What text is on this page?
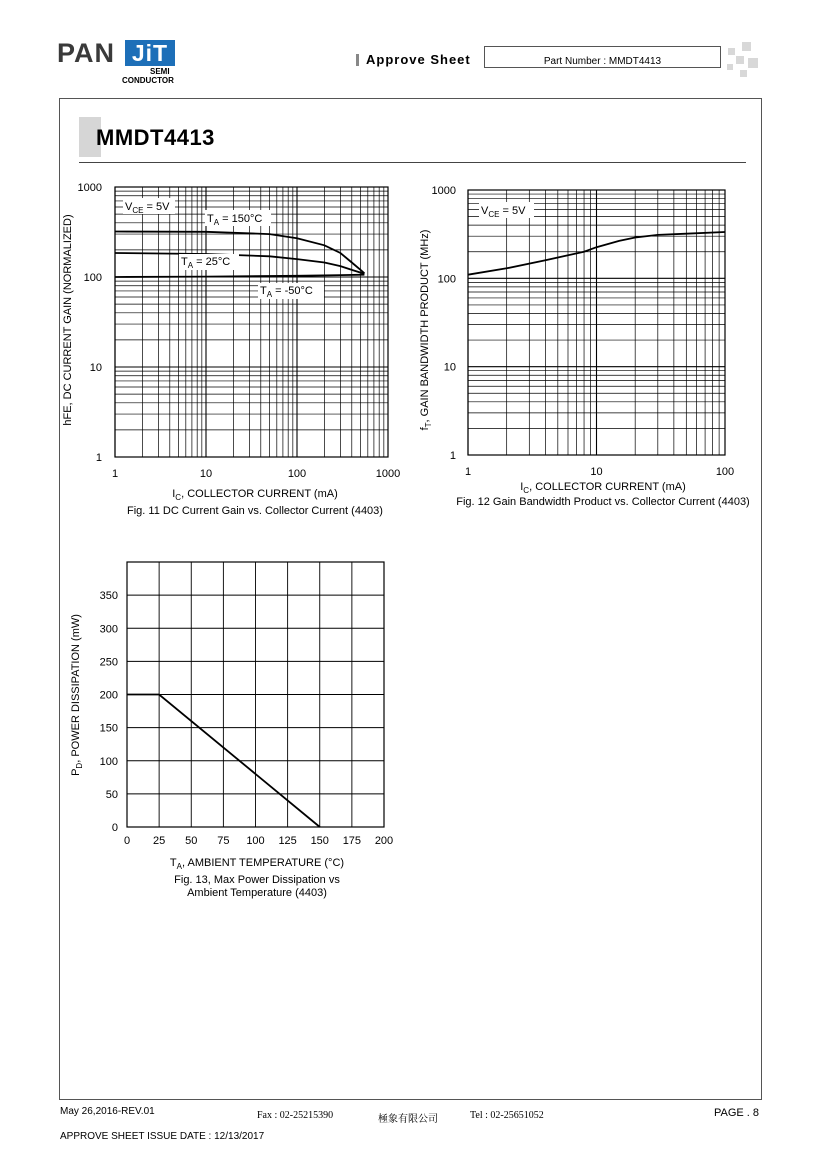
PAN JiT
SEMI
CONDUCTOR
Approve Sheet	Part Number : MMDT4413
MMDT4413
1	10	100	1000
1
10
100
1000
$V_{CE} = 5V$
$T_A = 150^\circ C$
$T_A = 25^\circ C$
$T_A = -50^\circ C$
hFE, DC CURRENT GAIN (NORMALIZED)
$I_C$, COLLECTOR CURRENT (mA)
Fig. 11 DC Current Gain vs. Collector Current (4403)
1	10	100
1
10
100
1000
$V_{CE} = 5V$
$f_T$, GAIN BANDWIDTH PRODUCT (MHz)
$I_C$, COLLECTOR CURRENT (mA)
Fig. 12 Gain Bandwidth Product vs. Collector Current (4403)
0 25 50 75 100 125 150 175 200
0
50
100
150
200
250
300
350
$P_D$, POWER DISSIPATION (mW)
$T_A$, AMBIENT TEMPERATURE (°C)
Fig. 13, Max Power Dissipation vs
Ambient Temperature (4403)
May 26,2016-REV.01	Fax : 02-25215390	極象有限公司	Tel : 02-25651052	PAGE . 8
APPROVE SHEET ISSUE DATE : 12/13/2017
